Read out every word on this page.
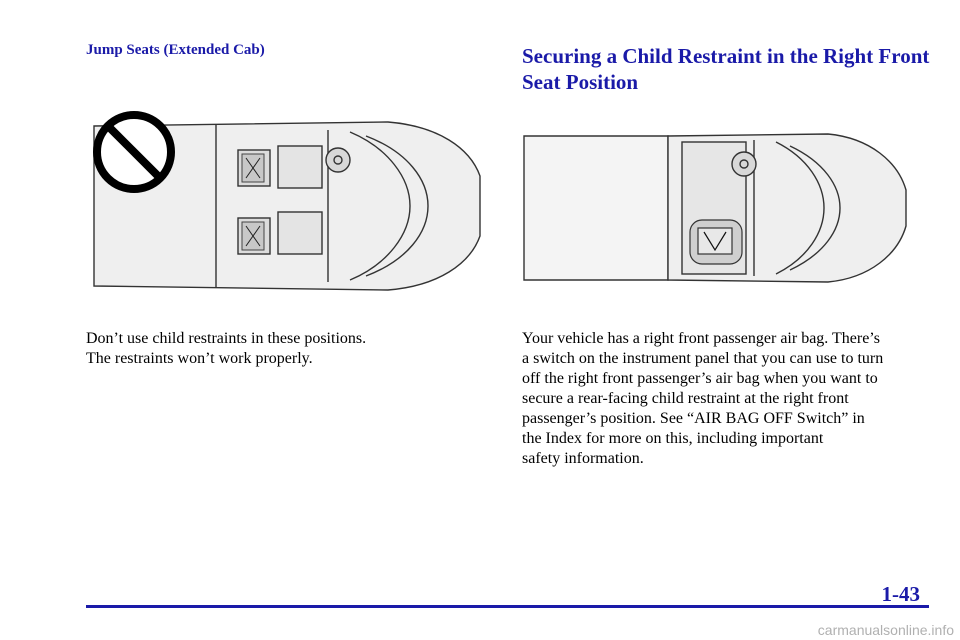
Jump Seats (Extended Cab)	Securing a Child Restraint in the Right Front Seat Position
Don’t use child restraints in these positions.
The restraints won’t work properly.
Your vehicle has a right front passenger air bag. There’s
a switch on the instrument panel that you can use to turn
off the right front passenger’s air bag when you want to
secure a rear-facing child restraint at the right front
passenger’s position. See “AIR BAG OFF Switch” in
the Index for more on this, including important
safety information.
1-43
carmanualsonline.info
